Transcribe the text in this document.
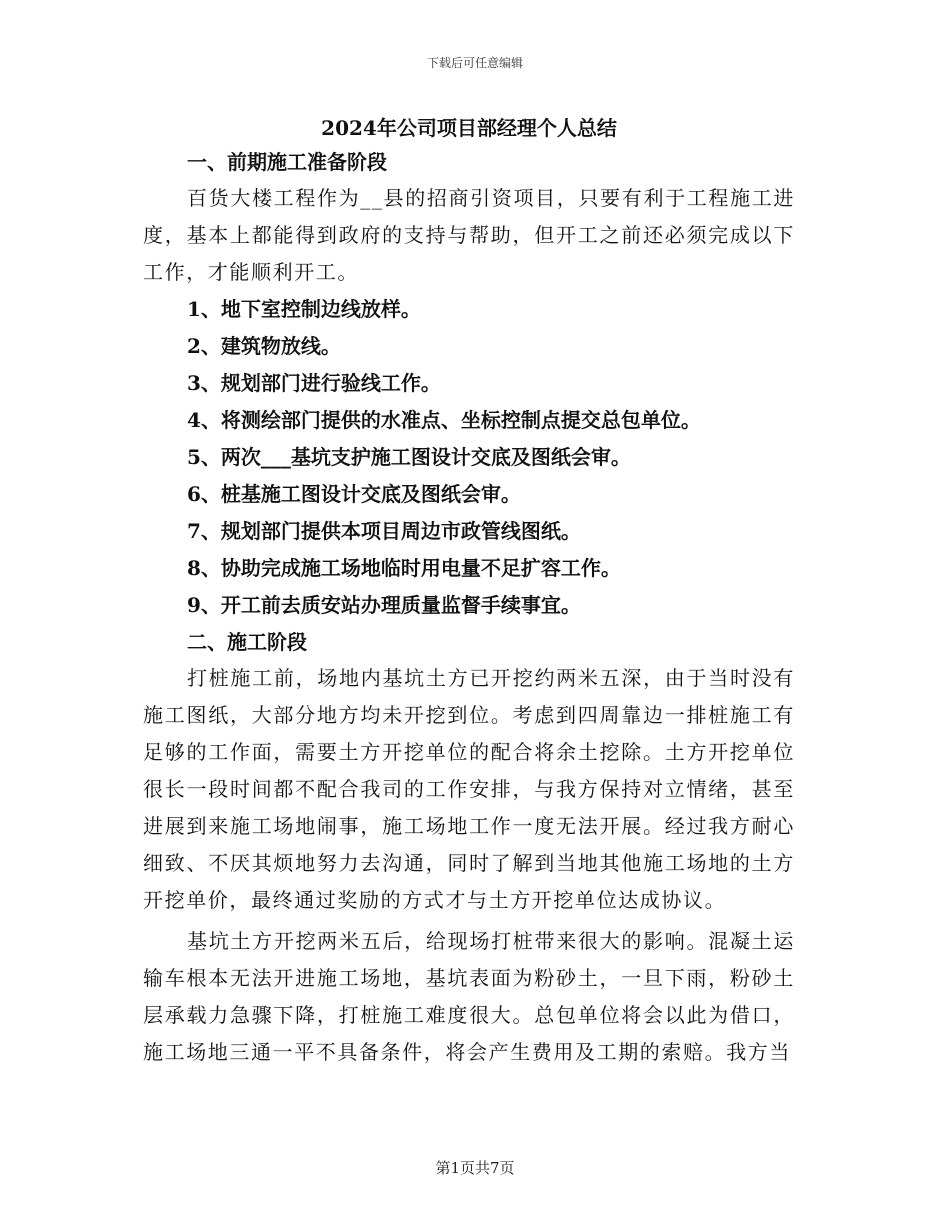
下载后可任意编辑
2024年公司项目部经理个人总结
一、前期施工准备阶段

百货大楼工程作为__县的招商引资项目，只要有利于工程施工进度，基本上都能得到政府的支持与帮助，但开工之前还必须完成以下工作，才能顺利开工。

1、地下室控制边线放样。
2、建筑物放线。
3、规划部门进行验线工作。
4、将测绘部门提供的水准点、坐标控制点提交总包单位。
5、两次___基坑支护施工图设计交底及图纸会审。
6、桩基施工图设计交底及图纸会审。
7、规划部门提供本项目周边市政管线图纸。
8、协助完成施工场地临时用电量不足扩容工作。
9、开工前去质安站办理质量监督手续事宜。
二、施工阶段

打桩施工前，场地内基坑土方已开挖约两米五深，由于当时没有施工图纸，大部分地方均未开挖到位。考虑到四周靠边一排桩施工有足够的工作面，需要土方开挖单位的配合将余土挖除。土方开挖单位很长一段时间都不配合我司的工作安排，与我方保持对立情绪，甚至进展到来施工场地闹事，施工场地工作一度无法开展。经过我方耐心细致、不厌其烦地努力去沟通，同时了解到当地其他施工场地的土方开挖单价，最终通过奖励的方式才与土方开挖单位达成协议。

基坑土方开挖两米五后，给现场打桩带来很大的影响。混凝土运输车根本无法开进施工场地，基坑表面为粉砂土，一旦下雨，粉砂土层承载力急骤下降，打桩施工难度很大。总包单位将会以此为借口，施工场地三通一平不具备条件，将会产生费用及工期的索赔。我方当

第1页共7页
